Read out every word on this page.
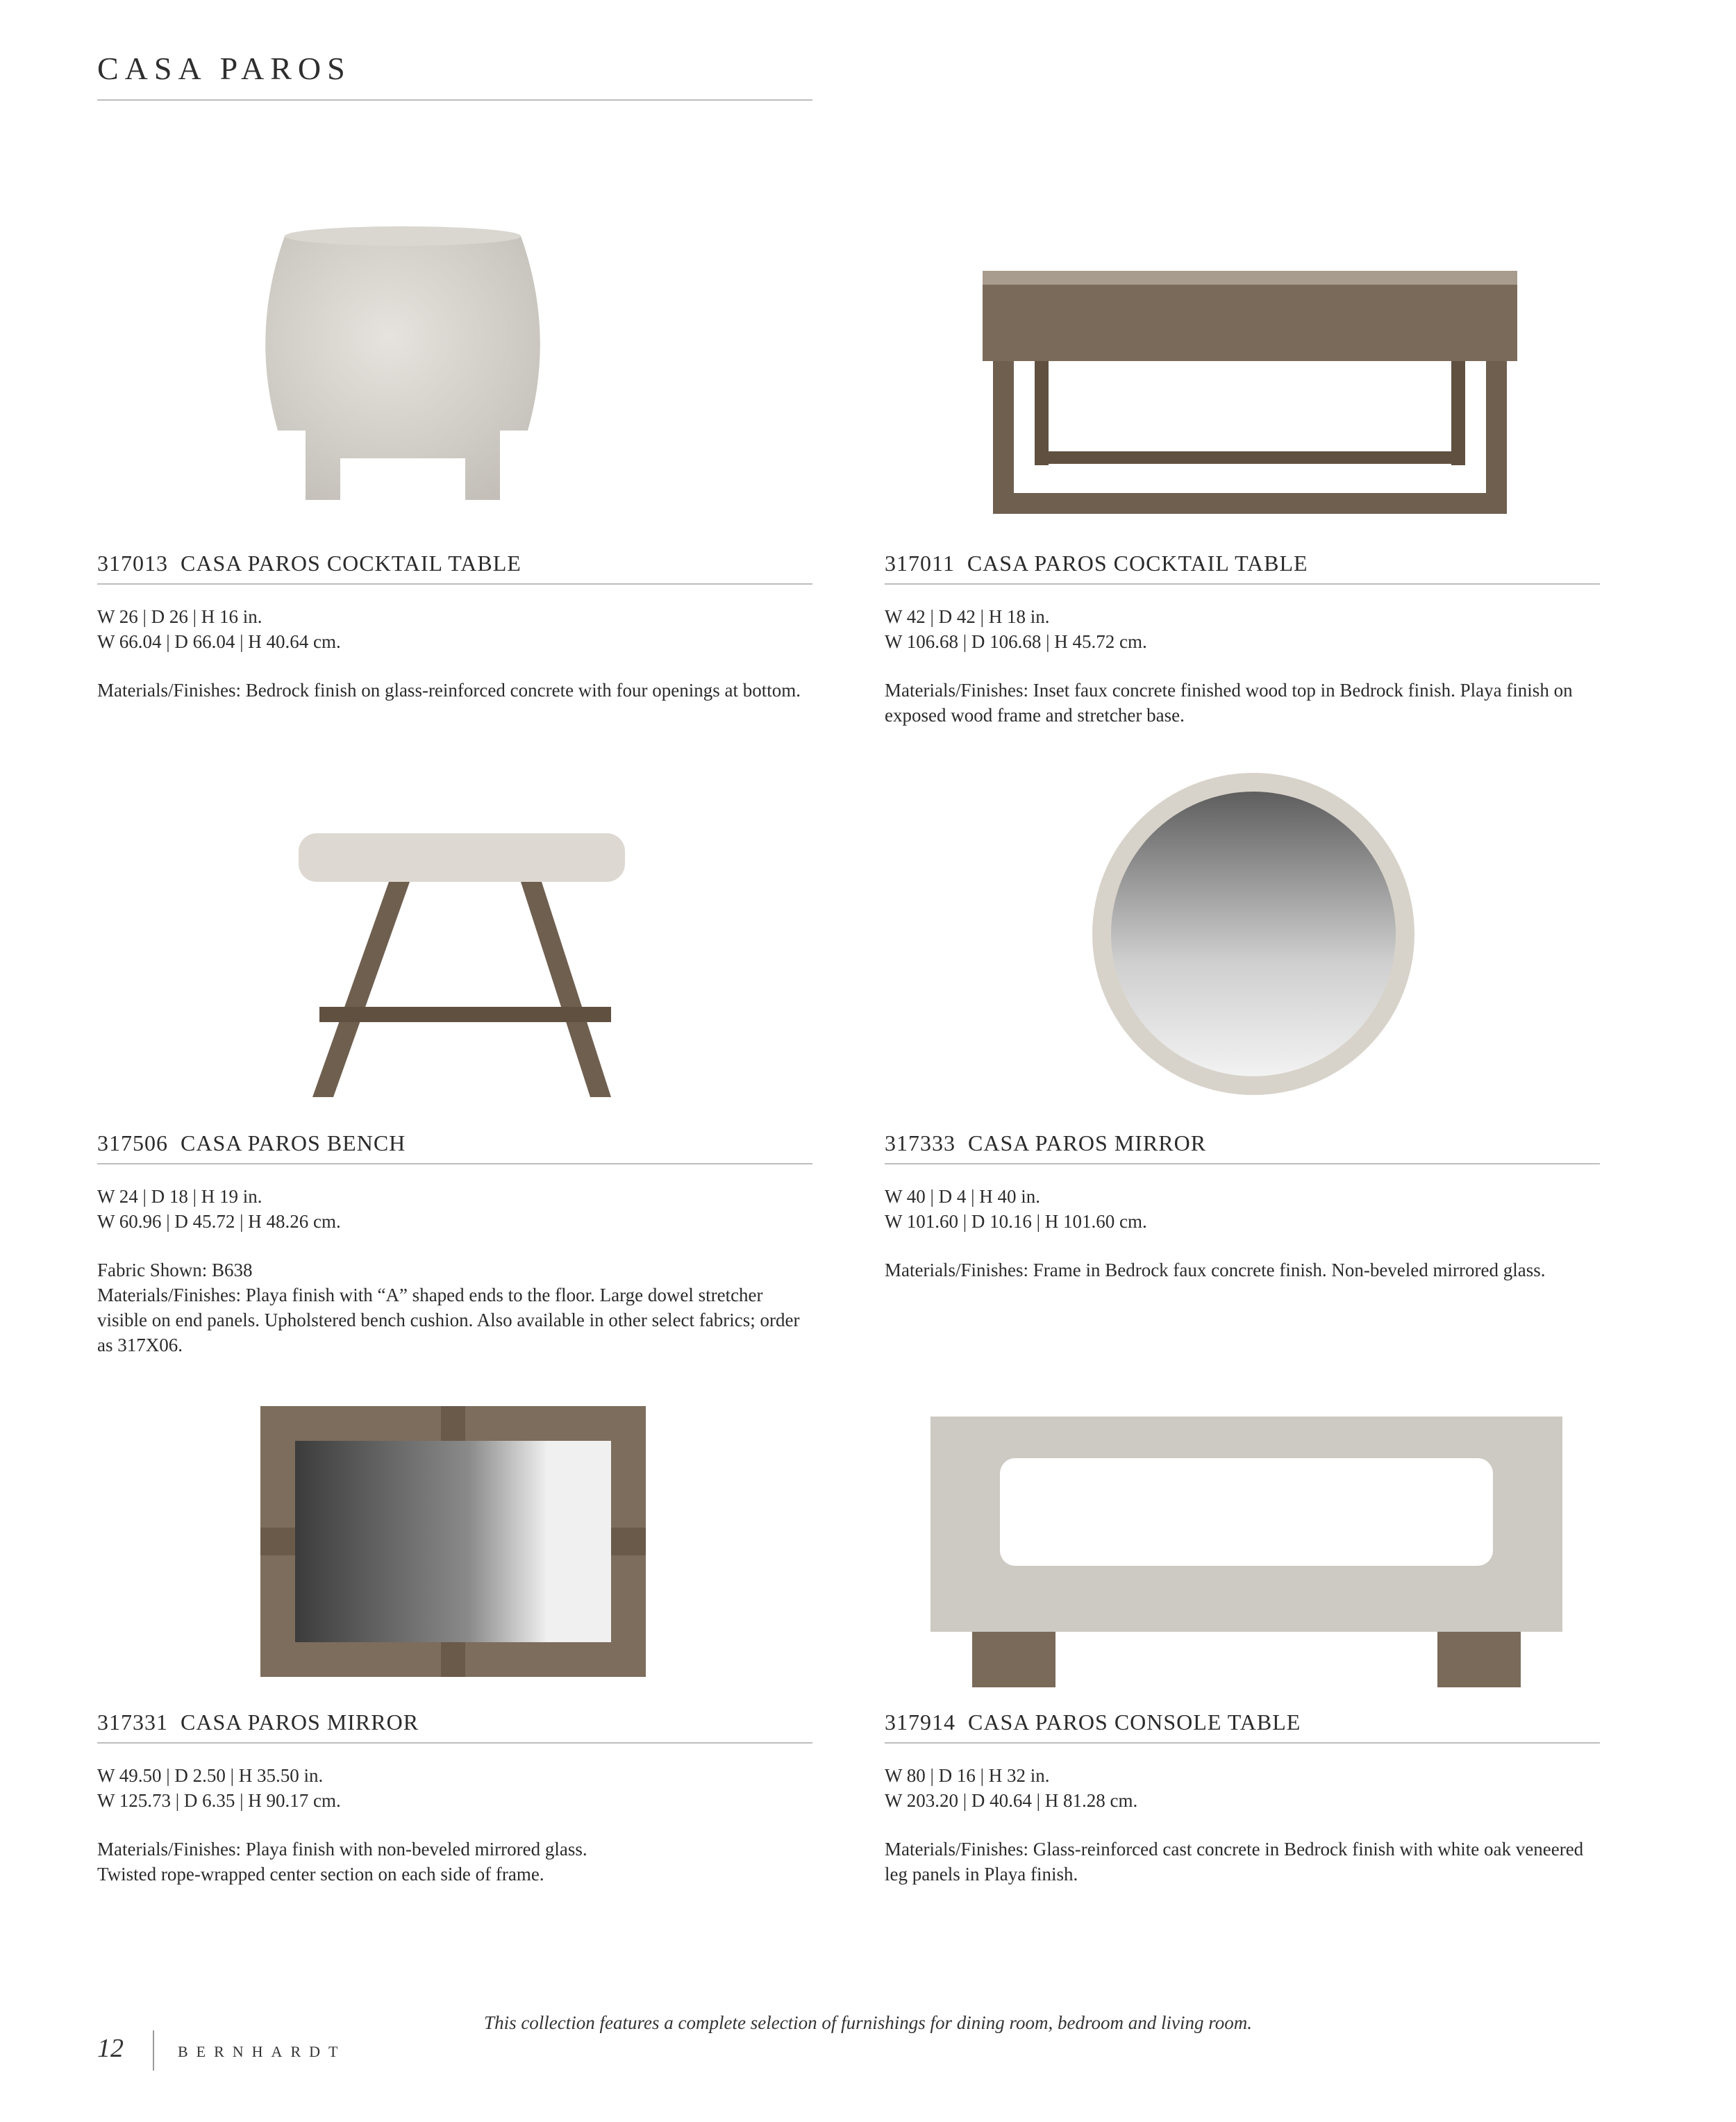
CASA PAROS
317013 CASA PAROS COCKTAIL TABLE
W 26 | D 26 | H 16 in.
W 66.04 | D 66.04 | H 40.64 cm.
Materials/Finishes: Bedrock finish on glass-reinforced concrete with four openings at bottom.
317011 CASA PAROS COCKTAIL TABLE
W 42 | D 42 | H 18 in.
W 106.68 | D 106.68 | H 45.72 cm.
Materials/Finishes: Inset faux concrete finished wood top in Bedrock finish. Playa finish on exposed wood frame and stretcher base.
317506 CASA PAROS BENCH
W 24 | D 18 | H 19 in.
W 60.96 | D 45.72 | H 48.26 cm.
Fabric Shown: B638
Materials/Finishes: Playa finish with “A” shaped ends to the floor. Large dowel stretcher visible on end panels. Upholstered bench cushion. Also available in other select fabrics; order as 317X06.
317333 CASA PAROS MIRROR
W 40 | D 4 | H 40 in.
W 101.60 | D 10.16 | H 101.60 cm.
Materials/Finishes: Frame in Bedrock faux concrete finish. Non-beveled mirrored glass.
317331 CASA PAROS MIRROR
W 49.50 | D 2.50 | H 35.50 in.
W 125.73 | D 6.35 | H 90.17 cm.
Materials/Finishes: Playa finish with non-beveled mirrored glass.
Twisted rope-wrapped center section on each side of frame.
317914 CASA PAROS CONSOLE TABLE
W 80 | D 16 | H 32 in.
W 203.20 | D 40.64 | H 81.28 cm.
Materials/Finishes: Glass-reinforced cast concrete in Bedrock finish with white oak veneered leg panels in Playa finish.
This collection features a complete selection of furnishings for dining room, bedroom and living room.
12	BERNHARDT
